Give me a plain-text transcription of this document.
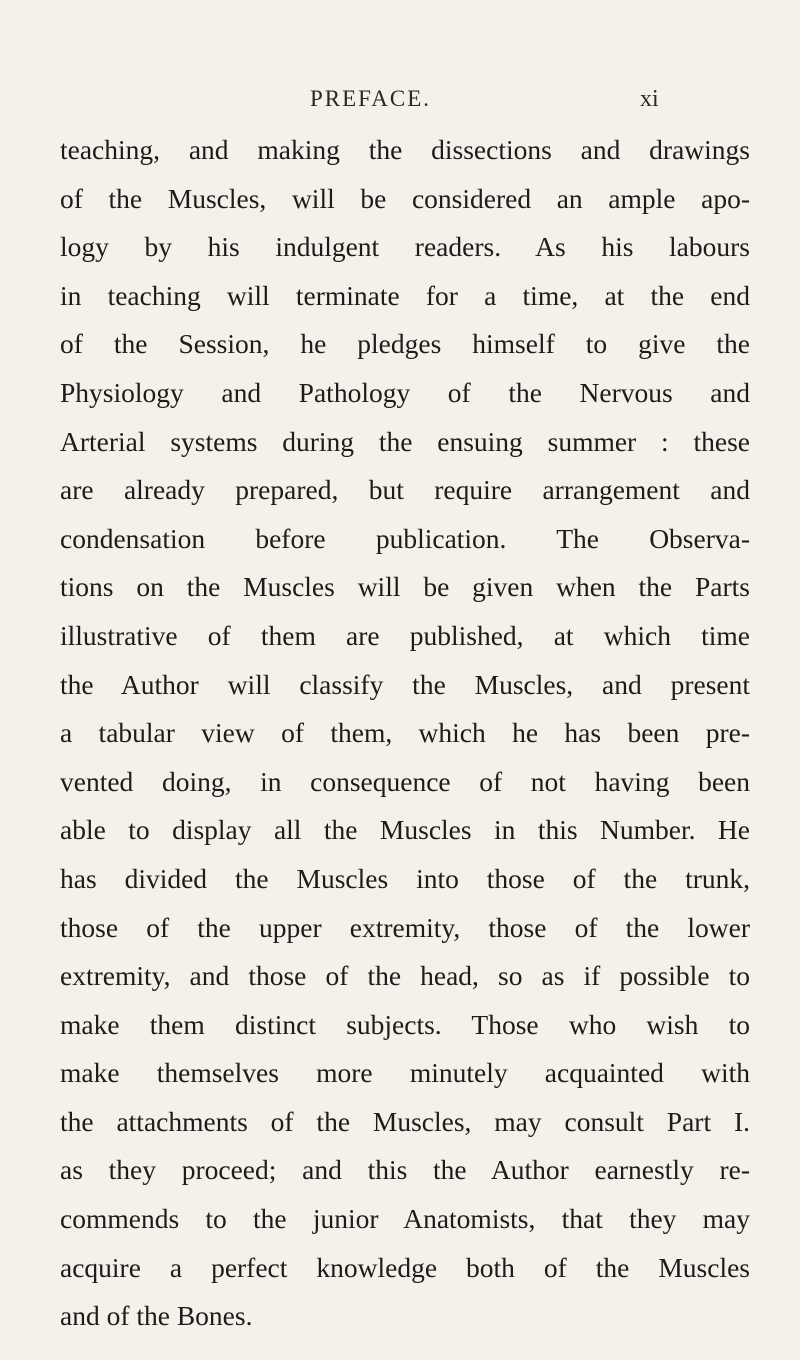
PREFACE.	xi
teaching, and making the dissections and drawings
of the Muscles, will be considered an ample apo-
logy by his indulgent readers. As his labours
in teaching will terminate for a time, at the end
of the Session, he pledges himself to give the
Physiology and Pathology of the Nervous and
Arterial systems during the ensuing summer : these
are already prepared, but require arrangement and
condensation before publication. The Observa-
tions on the Muscles will be given when the Parts
illustrative of them are published, at which time
the Author will classify the Muscles, and present
a tabular view of them, which he has been pre-
vented doing, in consequence of not having been
able to display all the Muscles in this Number. He
has divided the Muscles into those of the trunk,
those of the upper extremity, those of the lower
extremity, and those of the head, so as if possible to
make them distinct subjects. Those who wish to
make themselves more minutely acquainted with
the attachments of the Muscles, may consult Part I.
as they proceed; and this the Author earnestly re-
commends to the junior Anatomists, that they may
acquire a perfect knowledge both of the Muscles
and of the Bones.
